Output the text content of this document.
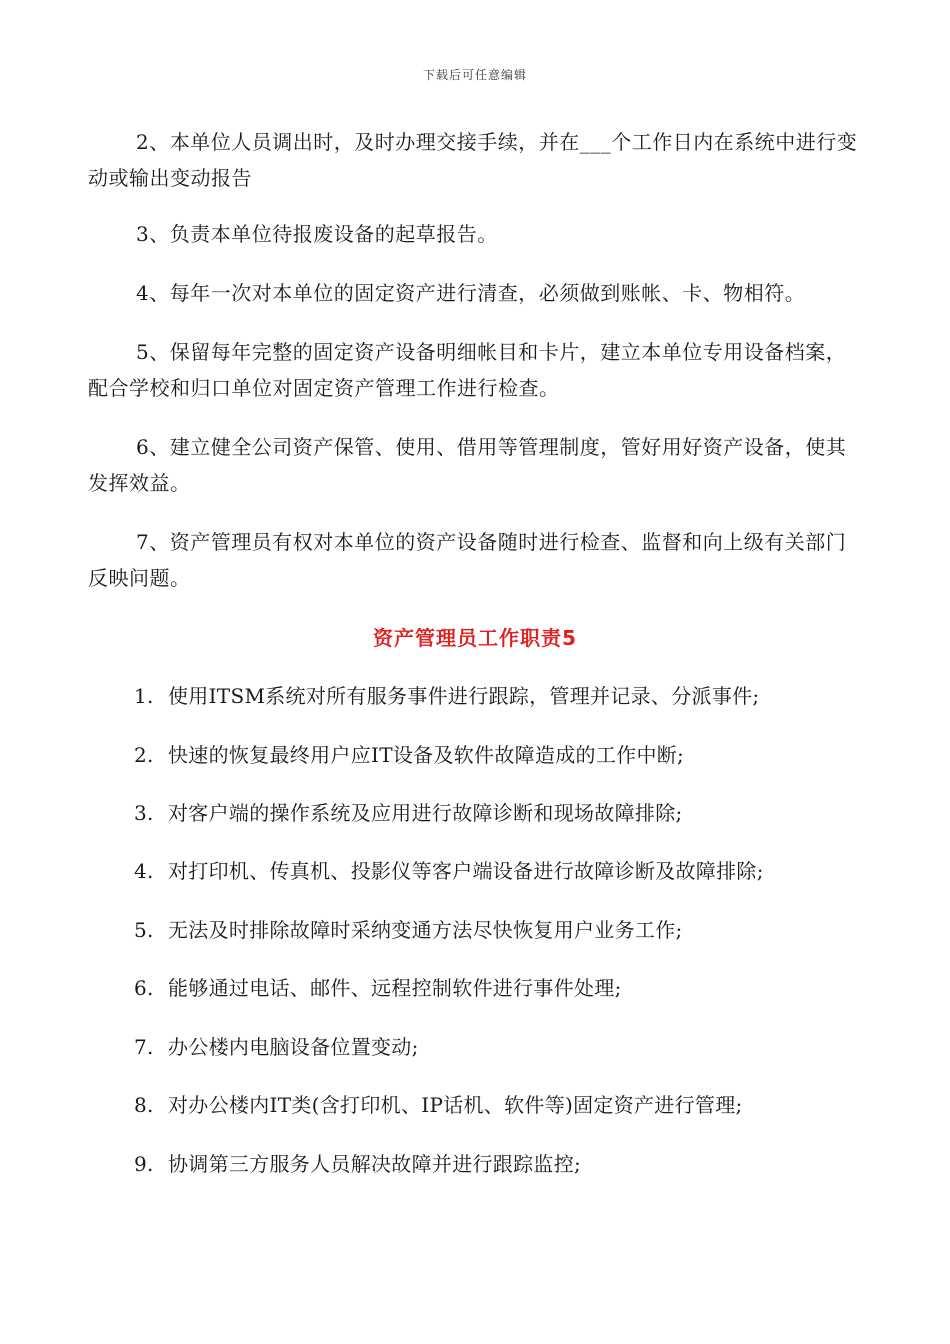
下载后可任意编辑

2、本单位人员调出时，及时办理交接手续，并在___个工作日内在系统中进行变动或输出变动报告

3、负责本单位待报废设备的起草报告。

4、每年一次对本单位的固定资产进行清查，必须做到账帐、卡、物相符。

5、保留每年完整的固定资产设备明细帐目和卡片，建立本单位专用设备档案，配合学校和归口单位对固定资产管理工作进行检查。

6、建立健全公司资产保管、使用、借用等管理制度，管好用好资产设备，使其发挥效益。

7、资产管理员有权对本单位的资产设备随时进行检查、监督和向上级有关部门反映问题。

资产管理员工作职责5
1. 使用ITSM系统对所有服务事件进行跟踪，管理并记录、分派事件;
2. 快速的恢复最终用户应IT设备及软件故障造成的工作中断;
3. 对客户端的操作系统及应用进行故障诊断和现场故障排除;
4. 对打印机、传真机、投影仪等客户端设备进行故障诊断及故障排除;
5. 无法及时排除故障时采纳变通方法尽快恢复用户业务工作;
6. 能够通过电话、邮件、远程控制软件进行事件处理;
7. 办公楼内电脑设备位置变动;
8. 对办公楼内IT类(含打印机、IP话机、软件等)固定资产进行管理;
9. 协调第三方服务人员解决故障并进行跟踪监控;
